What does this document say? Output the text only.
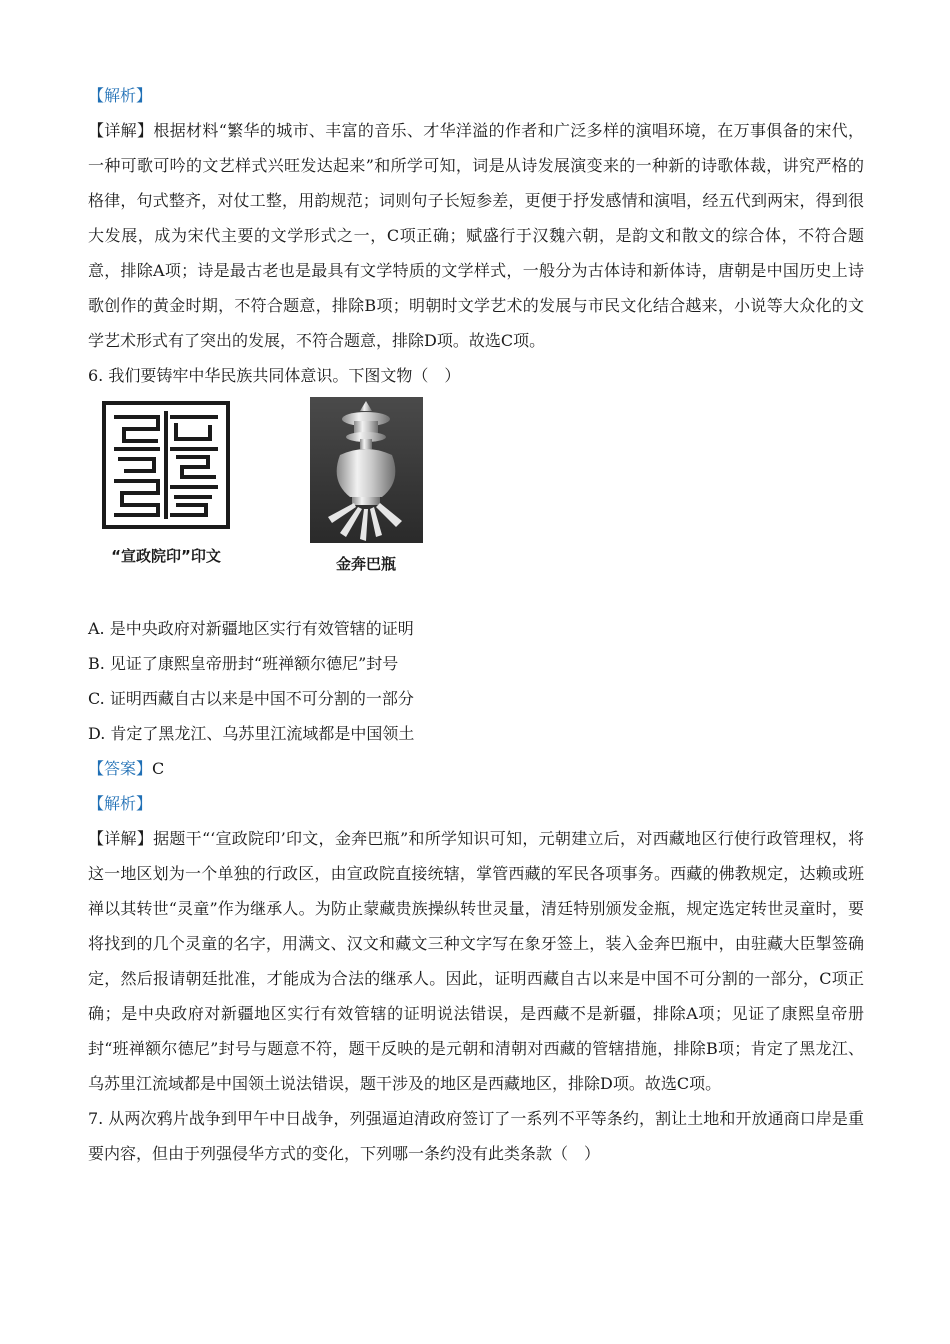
【解析】
【详解】根据材料“繁华的城市、丰富的音乐、才华洋溢的作者和广泛多样的演唱环境，在万事俱备的宋代，一种可歌可吟的文艺样式兴旺发达起来”和所学可知，词是从诗发展演变来的一种新的诗歌体裁，讲究严格的格律，句式整齐，对仗工整，用韵规范；词则句子长短参差，更便于抒发感情和演唱，经五代到两宋，得到很大发展，成为宋代主要的文学形式之一，C项正确；赋盛行于汉魏六朝，是韵文和散文的综合体，不符合题意，排除A项；诗是最古老也是最具有文学特质的文学样式，一般分为古体诗和新体诗，唐朝是中国历史上诗歌创作的黄金时期，不符合题意，排除B项；明朝时文学艺术的发展与市民文化结合越来，小说等大众化的文学艺术形式有了突出的发展，不符合题意，排除D项。故选C项。
6. 我们要铸牢中华民族共同体意识。下图文物（　）
“宣政院印”印文	金奔巴瓶
A. 是中央政府对新疆地区实行有效管辖的证明
B. 见证了康熙皇帝册封“班禅额尔德尼”封号
C. 证明西藏自古以来是中国不可分割的一部分
D. 肯定了黑龙江、乌苏里江流域都是中国领土
【答案】C
【解析】
【详解】据题干“‘宣政院印’印文，金奔巴瓶”和所学知识可知，元朝建立后，对西藏地区行使行政管理权，将这一地区划为一个单独的行政区，由宣政院直接统辖，掌管西藏的军民各项事务。西藏的佛教规定，达赖或班禅以其转世“灵童”作为继承人。为防止蒙藏贵族操纵转世灵量，清廷特别颁发金瓶，规定选定转世灵童时，要将找到的几个灵童的名字，用满文、汉文和藏文三种文字写在象牙签上，装入金奔巴瓶中，由驻藏大臣掣签确定，然后报请朝廷批准，才能成为合法的继承人。因此，证明西藏自古以来是中国不可分割的一部分，C项正确；是中央政府对新疆地区实行有效管辖的证明说法错误，是西藏不是新疆，排除A项；见证了康熙皇帝册封“班禅额尔德尼”封号与题意不符，题干反映的是元朝和清朝对西藏的管辖措施，排除B项；肯定了黑龙江、乌苏里江流域都是中国领土说法错误，题干涉及的地区是西藏地区，排除D项。故选C项。
7. 从两次鸦片战争到甲午中日战争，列强逼迫清政府签订了一系列不平等条约，割让土地和开放通商口岸是重要内容，但由于列强侵华方式的变化，下列哪一条约没有此类条款（　）
